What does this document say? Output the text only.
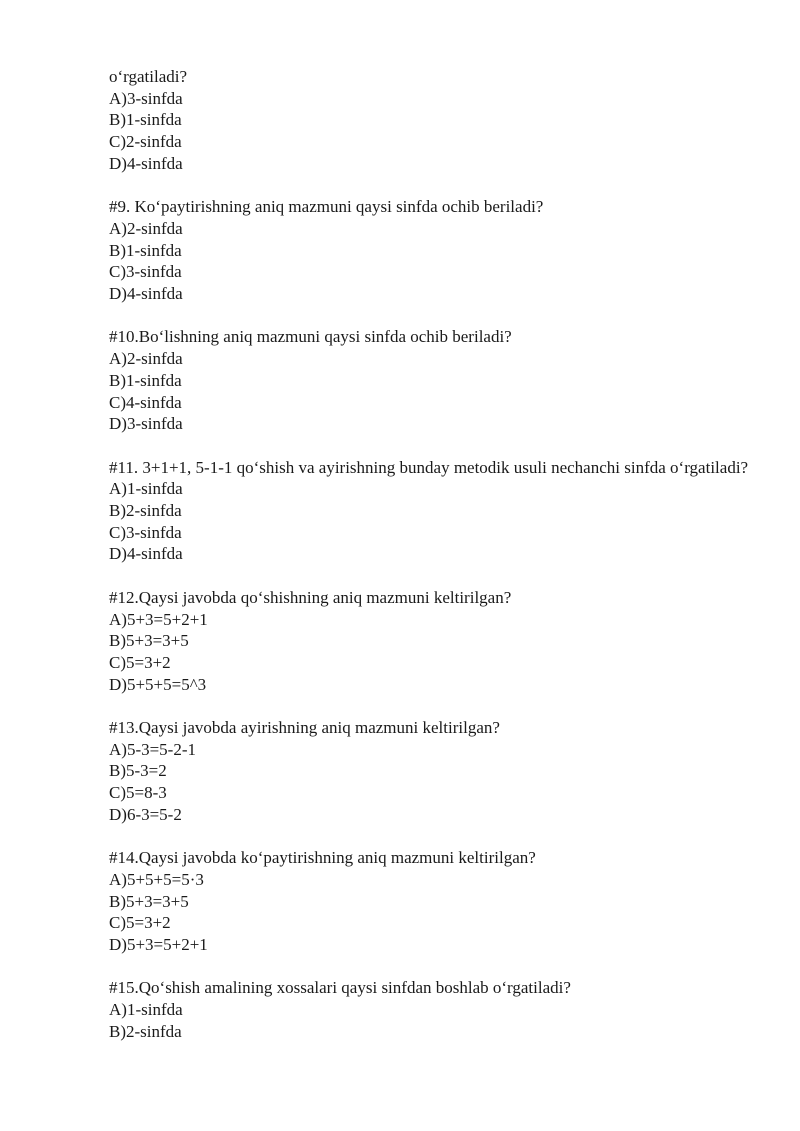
o‘rgatiladi?
A)3-sinfda
B)1-sinfda
C)2-sinfda
D)4-sinfda
#9. Ko‘paytirishning aniq mazmuni qaysi sinfda ochib beriladi?
A)2-sinfda
B)1-sinfda
C)3-sinfda
D)4-sinfda
#10.Bo‘lishning aniq mazmuni qaysi sinfda ochib beriladi?
A)2-sinfda
B)1-sinfda
C)4-sinfda
D)3-sinfda
#11. 3+1+1, 5-1-1 qo‘shish va ayirishning bunday metodik usuli nechanchi sinfda o‘rgatiladi?
A)1-sinfda
B)2-sinfda
C)3-sinfda
D)4-sinfda
#12.Qaysi javobda qo‘shishning aniq mazmuni keltirilgan?
A)5+3=5+2+1
B)5+3=3+5
C)5=3+2
D)5+5+5=5^3
#13.Qaysi javobda ayirishning aniq mazmuni keltirilgan?
A)5-3=5-2-1
B)5-3=2
C)5=8-3
D)6-3=5-2
#14.Qaysi javobda ko‘paytirishning aniq mazmuni keltirilgan?
A)5+5+5=5·3
B)5+3=3+5
C)5=3+2
D)5+3=5+2+1
#15.Qo‘shish amalining xossalari qaysi sinfdan boshlab o‘rgatiladi?
A)1-sinfda
B)2-sinfda
